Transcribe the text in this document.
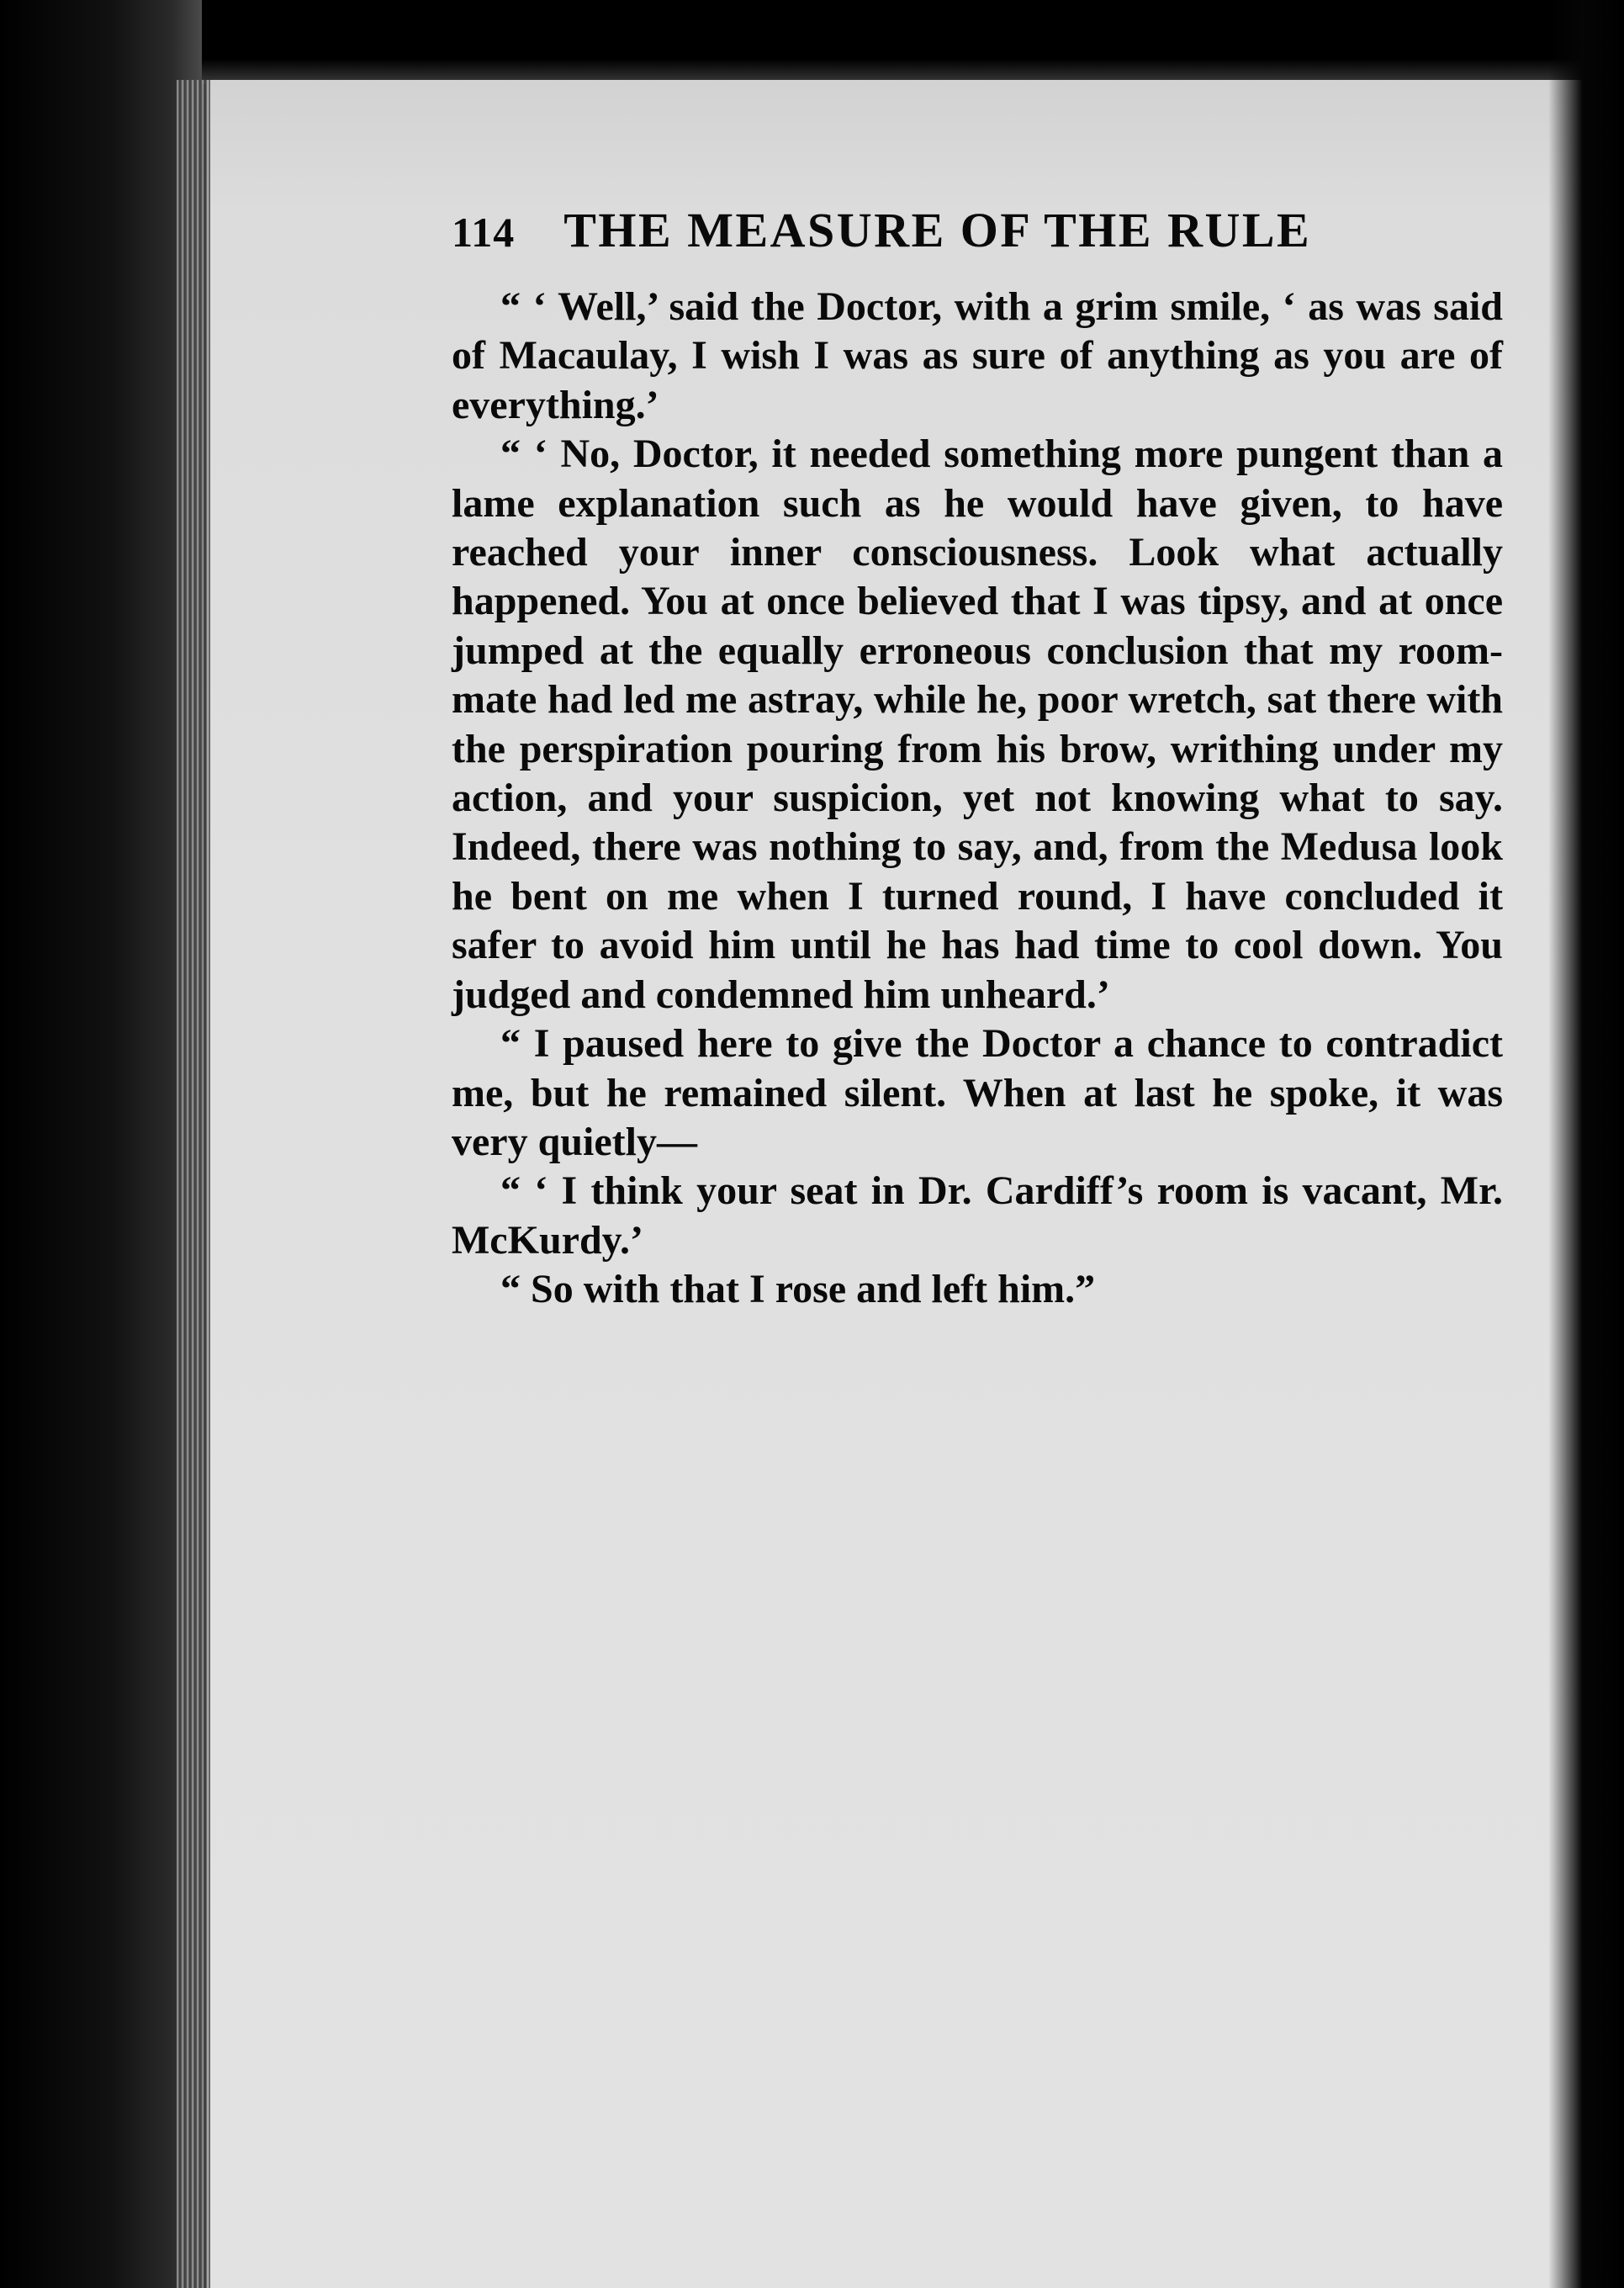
114 THE MEASURE OF THE RULE

“ ‘ Well,’ said the Doctor, with a grim smile, ‘ as was said of Macaulay, I wish I was as sure of anything as you are of everything.’

“ ‘ No, Doctor, it needed something more pungent than a lame explanation such as he would have given, to have reached your inner consciousness. Look what actually happened. You at once believed that I was tipsy, and at once jumped at the equally erroneous conclusion that my room-mate had led me astray, while he, poor wretch, sat there with the perspiration pouring from his brow, writhing under my action, and your suspicion, yet not knowing what to say. Indeed, there was nothing to say, and, from the Medusa look he bent on me when I turned round, I have concluded it safer to avoid him until he has had time to cool down. You judged and condemned him unheard.’

“ I paused here to give the Doctor a chance to contradict me, but he remained silent. When at last he spoke, it was very quietly—

“ ‘ I think your seat in Dr. Cardiff’s room is vacant, Mr. McKurdy.’

“ So with that I rose and left him.”
